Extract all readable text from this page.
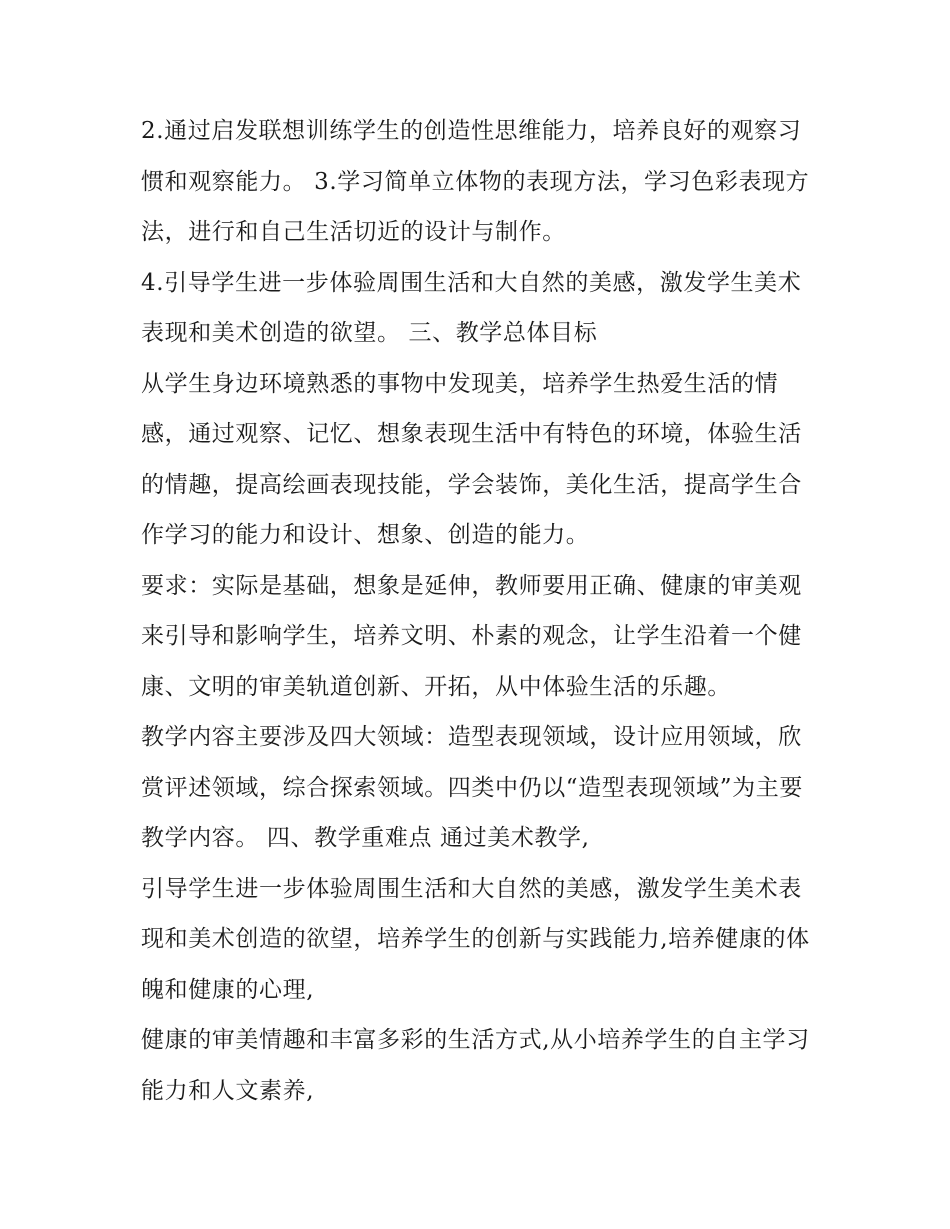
2.通过启发联想训练学生的创造性思维能力，培养良好的观察习惯和观察能力。 3.学习简单立体物的表现方法，学习色彩表现方法，进行和自己生活切近的设计与制作。

4.引导学生进一步体验周围生活和大自然的美感，激发学生美术表现和美术创造的欲望。 三、教学总体目标

从学生身边环境熟悉的事物中发现美，培养学生热爱生活的情感，通过观察、记忆、想象表现生活中有特色的环境，体验生活的情趣，提高绘画表现技能，学会装饰，美化生活，提高学生合作学习的能力和设计、想象、创造的能力。

要求：实际是基础，想象是延伸，教师要用正确、健康的审美观来引导和影响学生，培养文明、朴素的观念，让学生沿着一个健康、文明的审美轨道创新、开拓，从中体验生活的乐趣。

教学内容主要涉及四大领域：造型表现领域，设计应用领域，欣赏评述领域，综合探索领域。四类中仍以“造型表现领域”为主要教学内容。 四、教学重难点 通过美术教学,

引导学生进一步体验周围生活和大自然的美感，激发学生美术表现和美术创造的欲望，培养学生的创新与实践能力,培养健康的体魄和健康的心理,

健康的审美情趣和丰富多彩的生活方式,从小培养学生的自主学习能力和人文素养,
